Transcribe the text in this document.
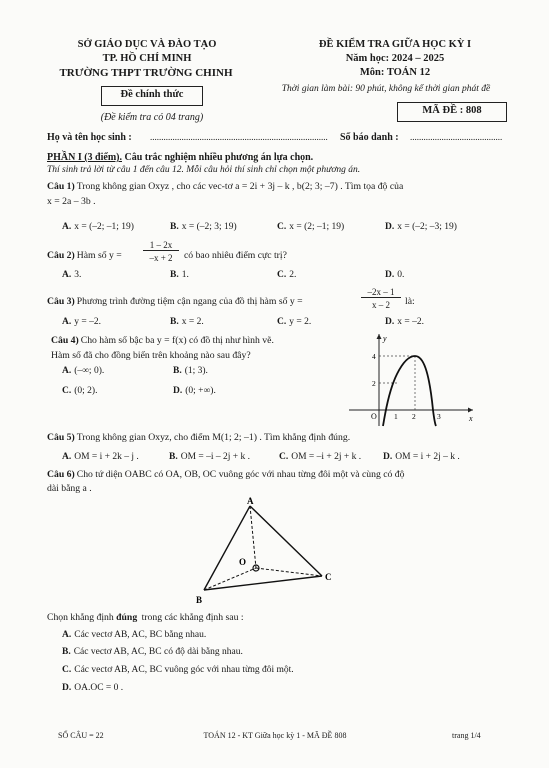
SỞ GIÁO DỤC VÀ ĐÀO TẠO
TP. HỒ CHÍ MINH
TRƯỜNG THPT TRƯỜNG CHINH
Đề chính thức
(Đề kiểm tra có 04 trang)
ĐỀ KIỂM TRA GIỮA HỌC KỲ I
Năm học: 2024 – 2025
Môn: TOÁN 12
Thời gian làm bài: 90 phút, không kể thời gian phát đề
MÃ ĐỀ : 808
Họ và tên học sinh : ...............................................................................	Số báo danh : .........................................
PHẦN I (3 điểm). Câu trắc nghiệm nhiều phương án lựa chọn.
Thí sinh trả lời từ câu 1 đến câu 12. Mỗi câu hỏi thí sinh chỉ chọn một phương án.
Câu 1) Trong không gian Oxyz , cho các vec-tơ a = 2i + 3j – k , b(2; 3; –7) . Tìm tọa độ của
x = 2a – 3b .
A. x = (–2; –1; 19)	B. x = (–2; 3; 19)	C. x = (2; –1; 19)	D. x = (–2; –3; 19)
Câu 2) Hàm số y =
1 – 2x
–x + 2	có bao nhiêu điểm cực trị?
A. 3.	B. 1.	C. 2.	D. 0.
Câu 3) Phương trình đường tiệm cận ngang của đồ thị hàm số y =
–2x – 1
x – 2	là:
A. y = –2.	B. x = 2.	C. y = 2.	D. x = –2.
Câu 4) Cho hàm số bậc ba y = f(x) có đồ thị như hình vẽ.
Hàm số đã cho đồng biến trên khoảng nào sau đây?
A. (–∞; 0).	B. (1; 3).
C. (0; 2).	D. (0; +∞).
y
x
O 1 2	3
2
4
Câu 5) Trong không gian Oxyz, cho điểm M(1; 2; –1) . Tìm khẳng định đúng.
A. OM = i + 2k – j .	B. OM = –i – 2j + k .	C. OM = –i + 2j + k . D. OM = i + 2j – k .
Câu 6) Cho tứ diện OABC có OA, OB, OC vuông góc với nhau từng đôi một và cùng có độ
dài bằng a .
A
B
C
O
Chọn khẳng định đúng trong các khẳng định sau :
A. Các vectơ AB, AC, BC bằng nhau.
B. Các vectơ AB, AC, BC có độ dài bằng nhau.
C. Các vectơ AB, AC, BC vuông góc với nhau từng đôi một.
D. OA.OC = 0 .
SỐ CÂU = 22	TOÁN 12 - KT Giữa học kỳ 1 - MÃ ĐỀ 808	trang 1/4
